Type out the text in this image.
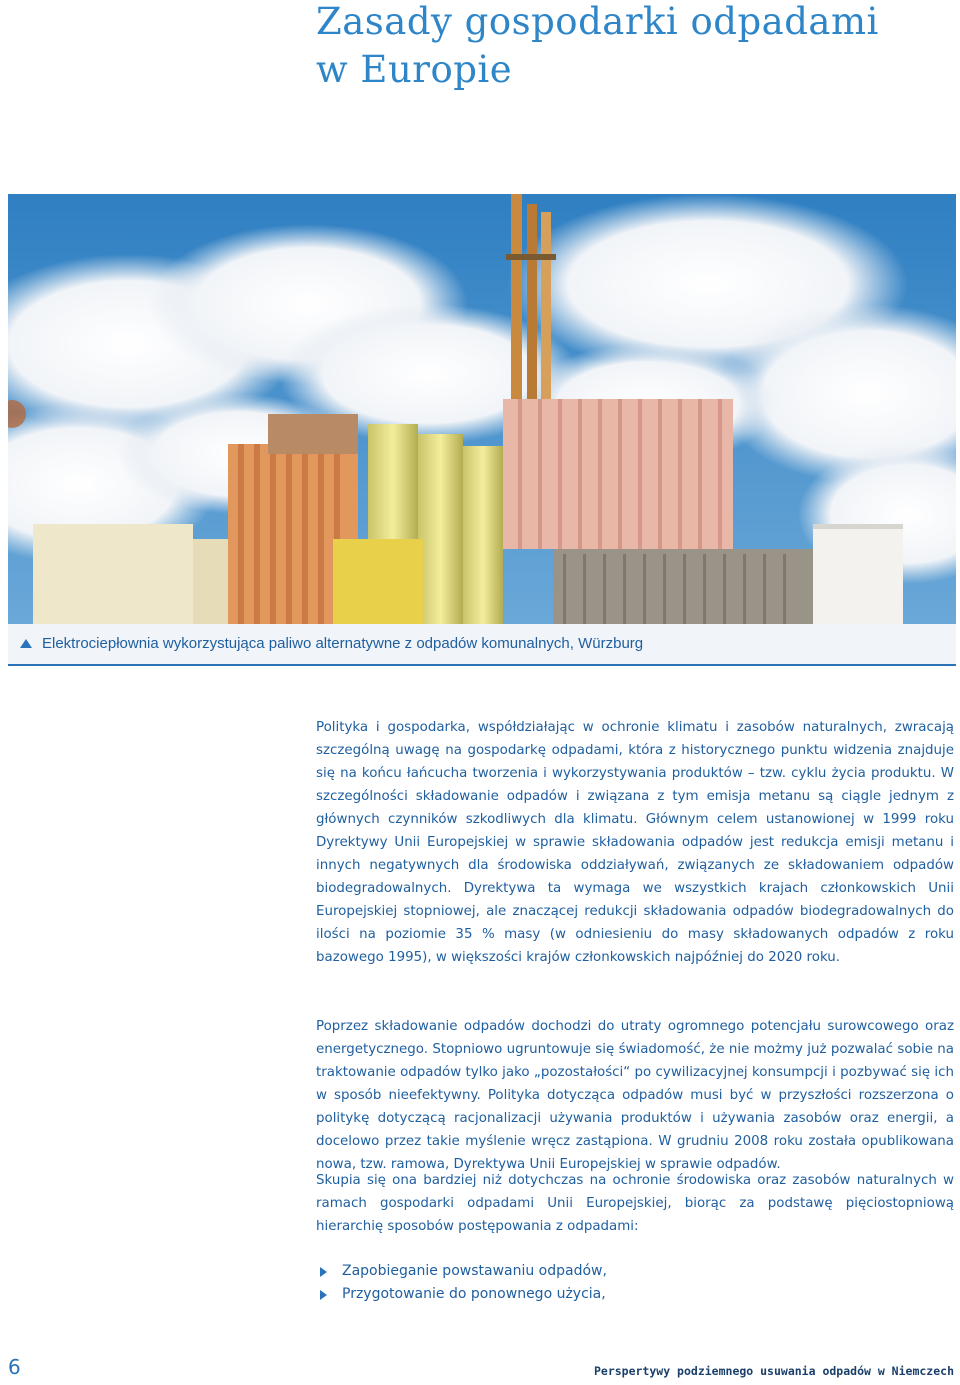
Zasady gospodarki odpadami
w Europie
Elektrociepłownia wykorzystująca paliwo alternatywne z odpadów komunalnych, Würzburg

Polityka i gospodarka, współdziałając w ochronie klimatu i zasobów naturalnych, zwracają szczególną uwagę na gospodarkę odpadami, która z historycznego punktu widzenia znajduje się na końcu łańcucha tworzenia i wykorzystywania produktów – tzw. cyklu życia produktu. W szczególności składowanie odpadów i związana z tym emisja metanu są ciągle jednym z głównych czynników szkodliwych dla klimatu. Głównym celem ustanowionej w 1999 roku Dyrektywy Unii Europejskiej w sprawie składowania odpadów jest redukcja emisji metanu i innych negatywnych dla środowiska oddziaływań, związanych ze składowaniem odpadów biodegradowalnych. Dyrektywa ta wymaga we wszystkich krajach członkowskich Unii Europejskiej stopniowej, ale znaczącej redukcji składowania odpadów biodegradowalnych do ilości na poziomie 35 % masy (w odniesieniu do masy składowanych odpadów z roku bazowego 1995), w większości krajów członkowskich najpóźniej do 2020 roku.

Poprzez składowanie odpadów dochodzi do utraty ogromnego potencjału surowcowego oraz energetycznego. Stopniowo ugruntowuje się świadomość, że nie możmy już pozwalać sobie na traktowanie odpadów tylko jako „pozostałości“ po cywilizacyjnej konsumpcji i pozbywać się ich w sposób nieefektywny. Polityka dotycząca odpadów musi być w przyszłości rozszerzona o politykę dotyczącą racjonalizacji używania produktów i używania zasobów oraz energii, a docelowo przez takie myślenie wręcz zastąpiona. W grudniu 2008 roku została opublikowana nowa, tzw. ramowa, Dyrektywa Unii Europejskiej w sprawie odpadów.

Skupia się ona bardziej niż dotychczas na ochronie środowiska oraz zasobów naturalnych w ramach gospodarki odpadami Unii Europejskiej, biorąc za podstawę pięciostopniową hierarchię sposobów postępowania z odpadami:

Zapobieganie powstawaniu odpadów,
Przygotowanie do ponownego użycia,
6	Perspertywy podziemnego usuwania odpadów w Niemczech
